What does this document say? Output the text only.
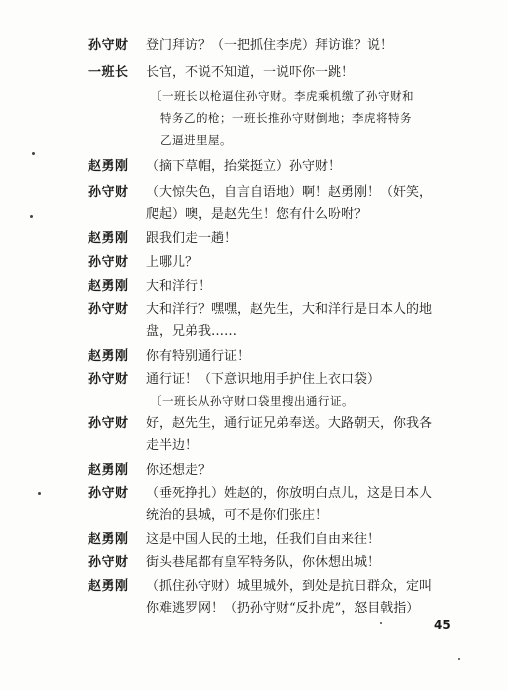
孙守财	登门拜访？（一把抓住李虎）拜访谁？说！
一班长	长官，不说不知道，一说吓你一跳！
〔一班长以枪逼住孙守财。李虎乘机缴了孙守财和
特务乙的枪；一班长推孙守财倒地；李虎将特务
乙逼进里屋。
赵勇刚	（摘下草帽，抬棠挺立）孙守财！
孙守财	（大惊失色，自言自语地）啊！赵勇刚！（奸笑，
爬起）噢，是赵先生！您有什么吩咐？
赵勇刚	跟我们走一趟！
孙守财	上哪儿？
赵勇刚	大和洋行！
孙守财	大和洋行？嘿嘿，赵先生，大和洋行是日本人的地
盘，兄弟我……
赵勇刚	你有特别通行证！
孙守财	通行证！（下意识地用手护住上衣口袋）
〔一班长从孙守财口袋里搜出通行证。
孙守财	好，赵先生，通行证兄弟奉送。大路朝天，你我各
走半边！
赵勇刚	你还想走？
孙守财	（垂死挣扎）姓赵的，你放明白点儿，这是日本人
统治的县城，可不是你们张庄！
赵勇刚	这是中国人民的土地，任我们自由来往！
孙守财	街头巷尾都有皇军特务队，你休想出城！
赵勇刚	（抓住孙守财）城里城外，到处是抗日群众，定叫
你难逃罗网！（扔孙守财“反扑虎”，怒目戟指）
45
